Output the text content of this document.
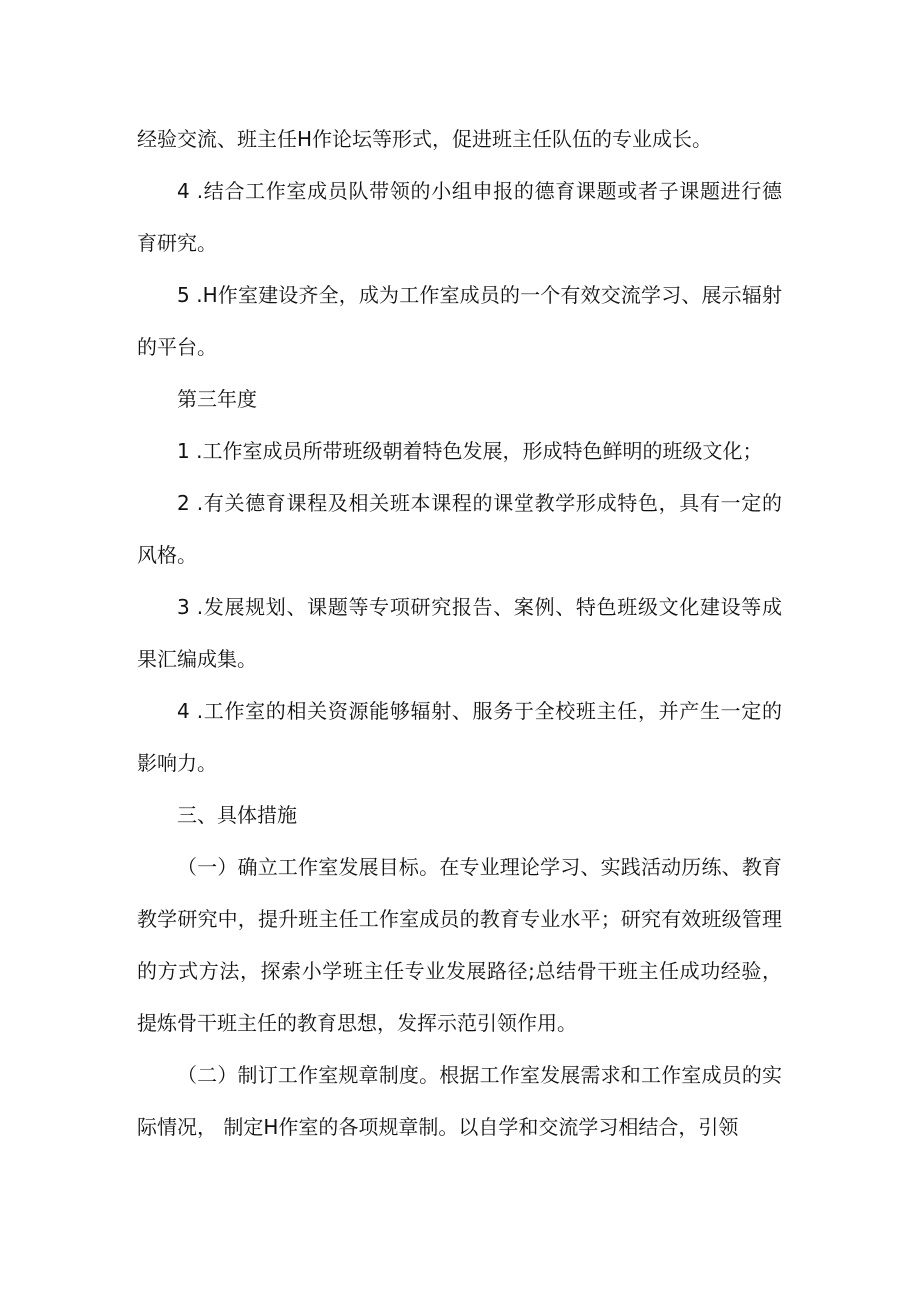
经验交流、班主任H作论坛等形式，促进班主任队伍的专业成长。

4 .结合工作室成员队带领的小组申报的德育课题或者子课题进行德育研究。

5 .H作室建设齐全，成为工作室成员的一个有效交流学习、展示辐射的平台。

第三年度

1 .工作室成员所带班级朝着特色发展，形成特色鲜明的班级文化；

2 .有关德育课程及相关班本课程的课堂教学形成特色，具有一定的风格。

3 .发展规划、课题等专项研究报告、案例、特色班级文化建设等成果汇编成集。

4 .工作室的相关资源能够辐射、服务于全校班主任，并产生一定的影响力。

三、具体措施

（一）确立工作室发展目标。在专业理论学习、实践活动历练、教育教学研究中，提升班主任工作室成员的教育专业水平；研究有效班级管理的方式方法，探索小学班主任专业发展路径;总结骨干班主任成功经验，提炼骨干班主任的教育思想，发挥示范引领作用。

（二）制订工作室规章制度。根据工作室发展需求和工作室成员的实际情况， 制定H作室的各项规章制。以自学和交流学习相结合，引领
